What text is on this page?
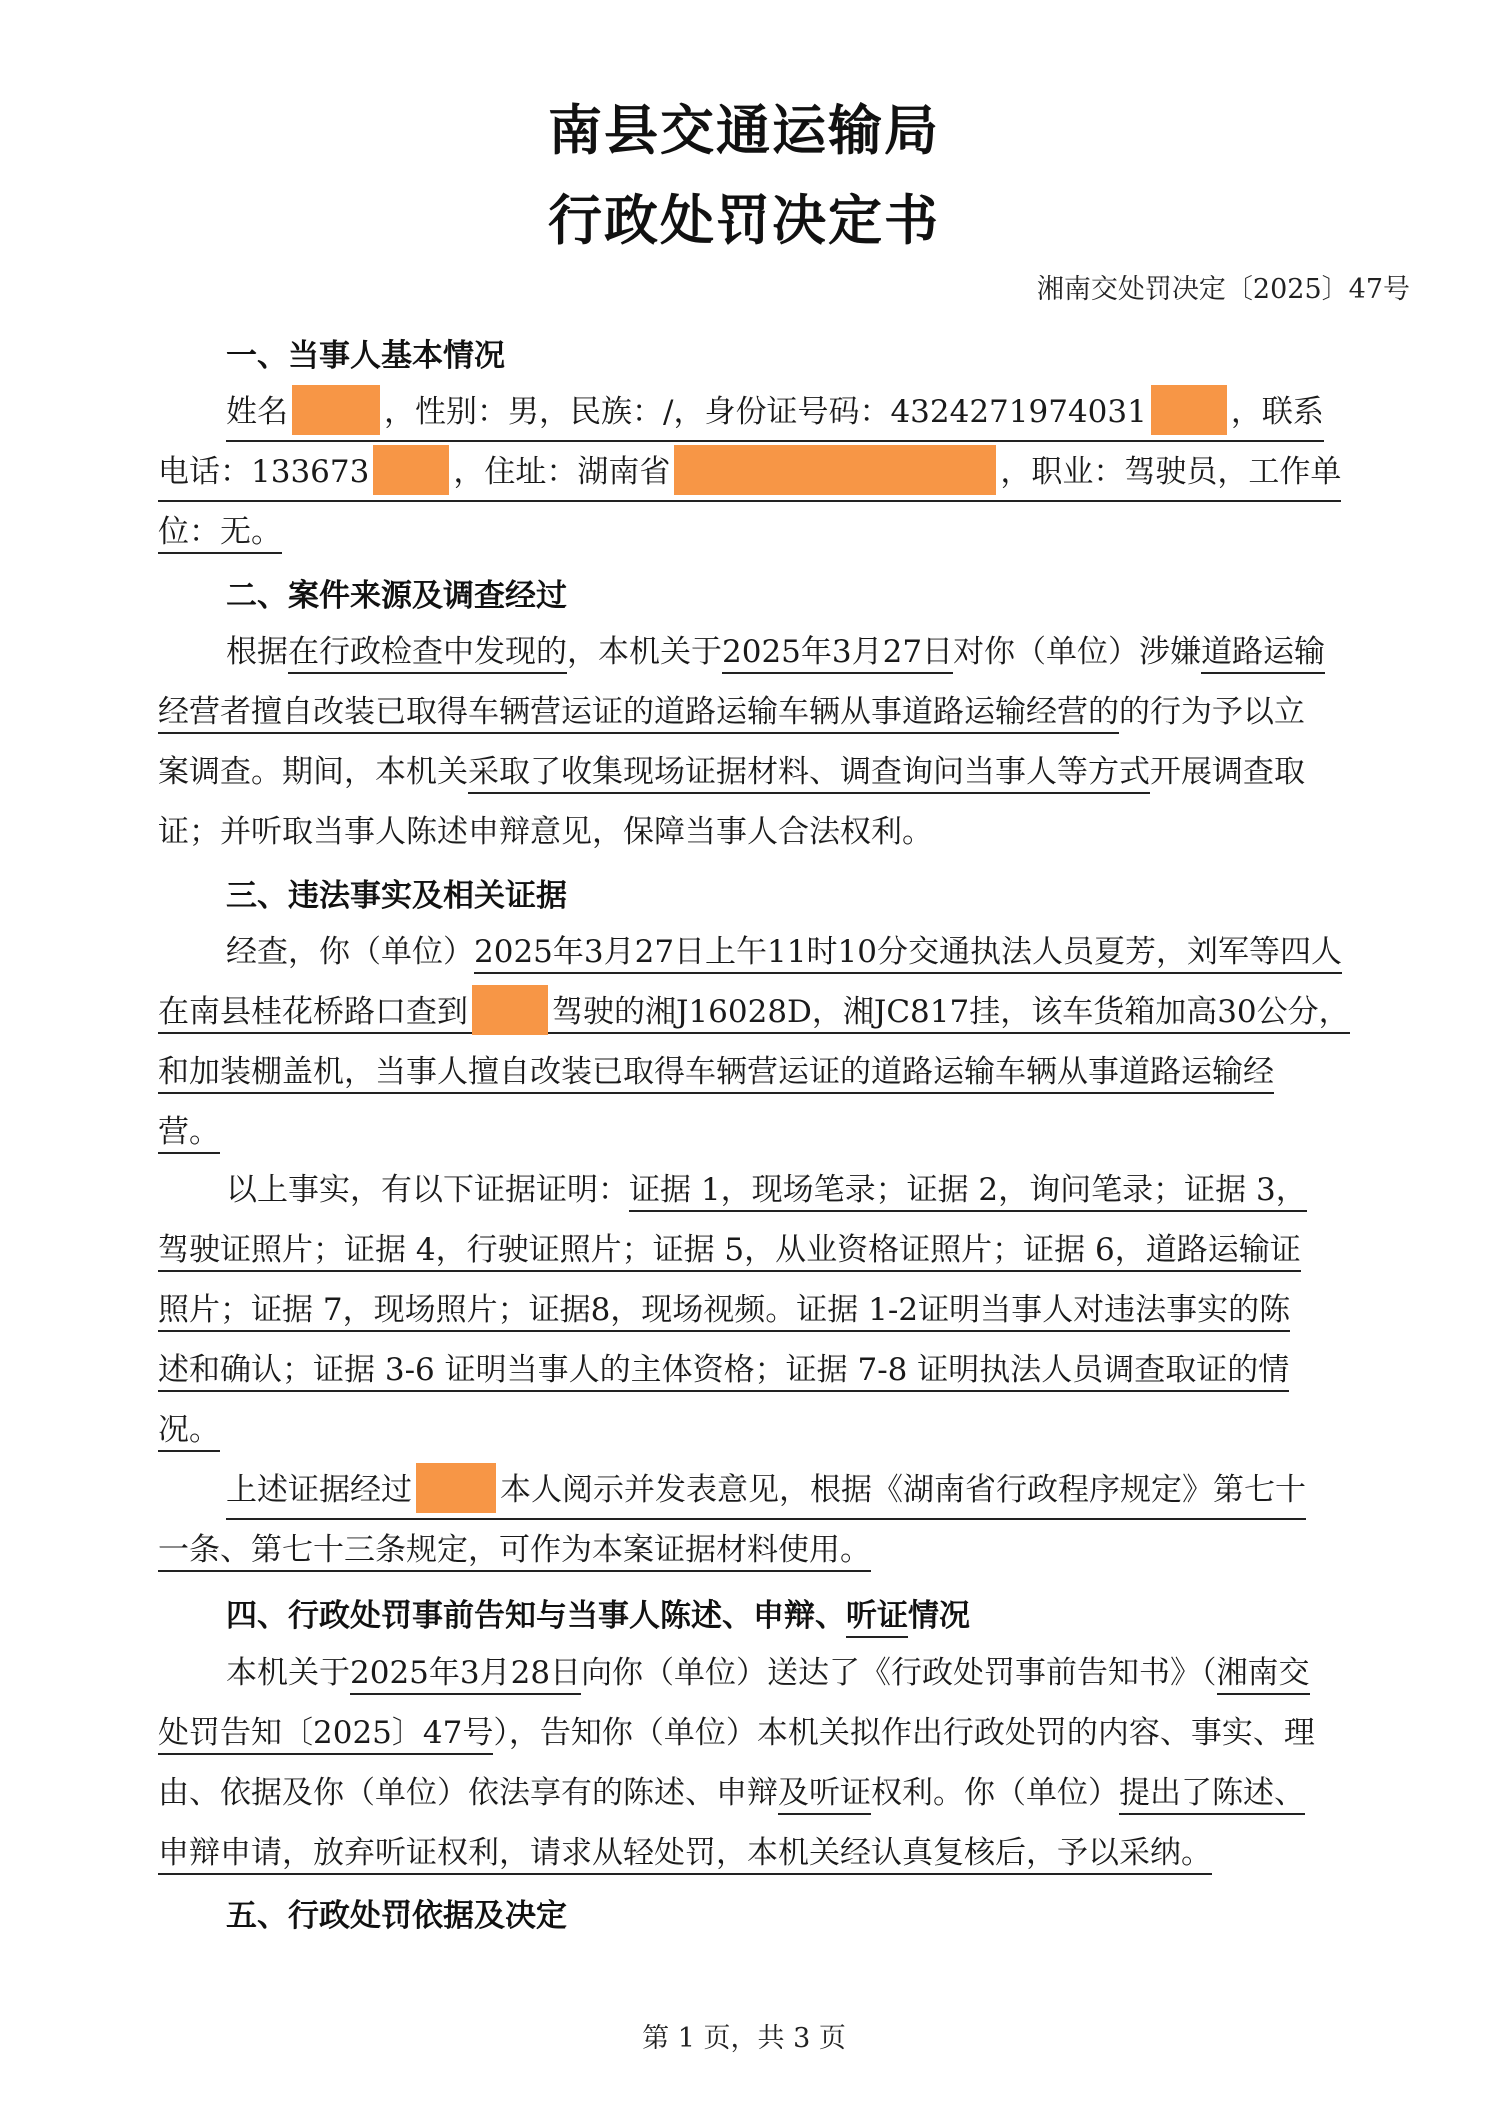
南县交通运输局
行政处罚决定书
湘南交处罚决定〔2025〕47号
一、当事人基本情况
姓名	，性别：男，民族：/，身份证号码：4324271974031	，联系
电话：133673	，住址：湖南省	，职业：驾驶员，工作单
位：无。
二、案件来源及调查经过
根据在行政检查中发现的，本机关于2025年3月27日对你（单位）涉嫌道路运输
经营者擅自改装已取得车辆营运证的道路运输车辆从事道路运输经营的的行为予以立
案调查。期间，本机关采取了收集现场证据材料、调查询问当事人等方式开展调查取
证；并听取当事人陈述申辩意见，保障当事人合法权利。
三、违法事实及相关证据
经查，你（单位）2025年3月27日上午11时10分交通执法人员夏芳，刘军等四人
在南县桂花桥路口查到	驾驶的湘J16028D，湘JC817挂，该车货箱加高30公分，
和加装棚盖机，当事人擅自改装已取得车辆营运证的道路运输车辆从事道路运输经
营。
以上事实，有以下证据证明：证据 1，现场笔录；证据 2，询问笔录；证据 3，
驾驶证照片；证据 4，行驶证照片；证据 5，从业资格证照片；证据 6，道路运输证
照片；证据 7，现场照片；证据8，现场视频。证据 1-2证明当事人对违法事实的陈
述和确认；证据 3-6 证明当事人的主体资格；证据 7-8 证明执法人员调查取证的情
况。
上述证据经过	本人阅示并发表意见，根据《湖南省行政程序规定》第七十
一条、第七十三条规定，可作为本案证据材料使用。
四、行政处罚事前告知与当事人陈述、申辩、听证情况
本机关于2025年3月28日向你（单位）送达了《行政处罚事前告知书》（湘南交
处罚告知〔2025〕47号），告知你（单位）本机关拟作出行政处罚的内容、事实、理
由、依据及你（单位）依法享有的陈述、申辩及听证权利。你（单位）提出了陈述、
申辩申请，放弃听证权利，请求从轻处罚，本机关经认真复核后，予以采纳。
五、行政处罚依据及决定
第 1 页，共 3 页
